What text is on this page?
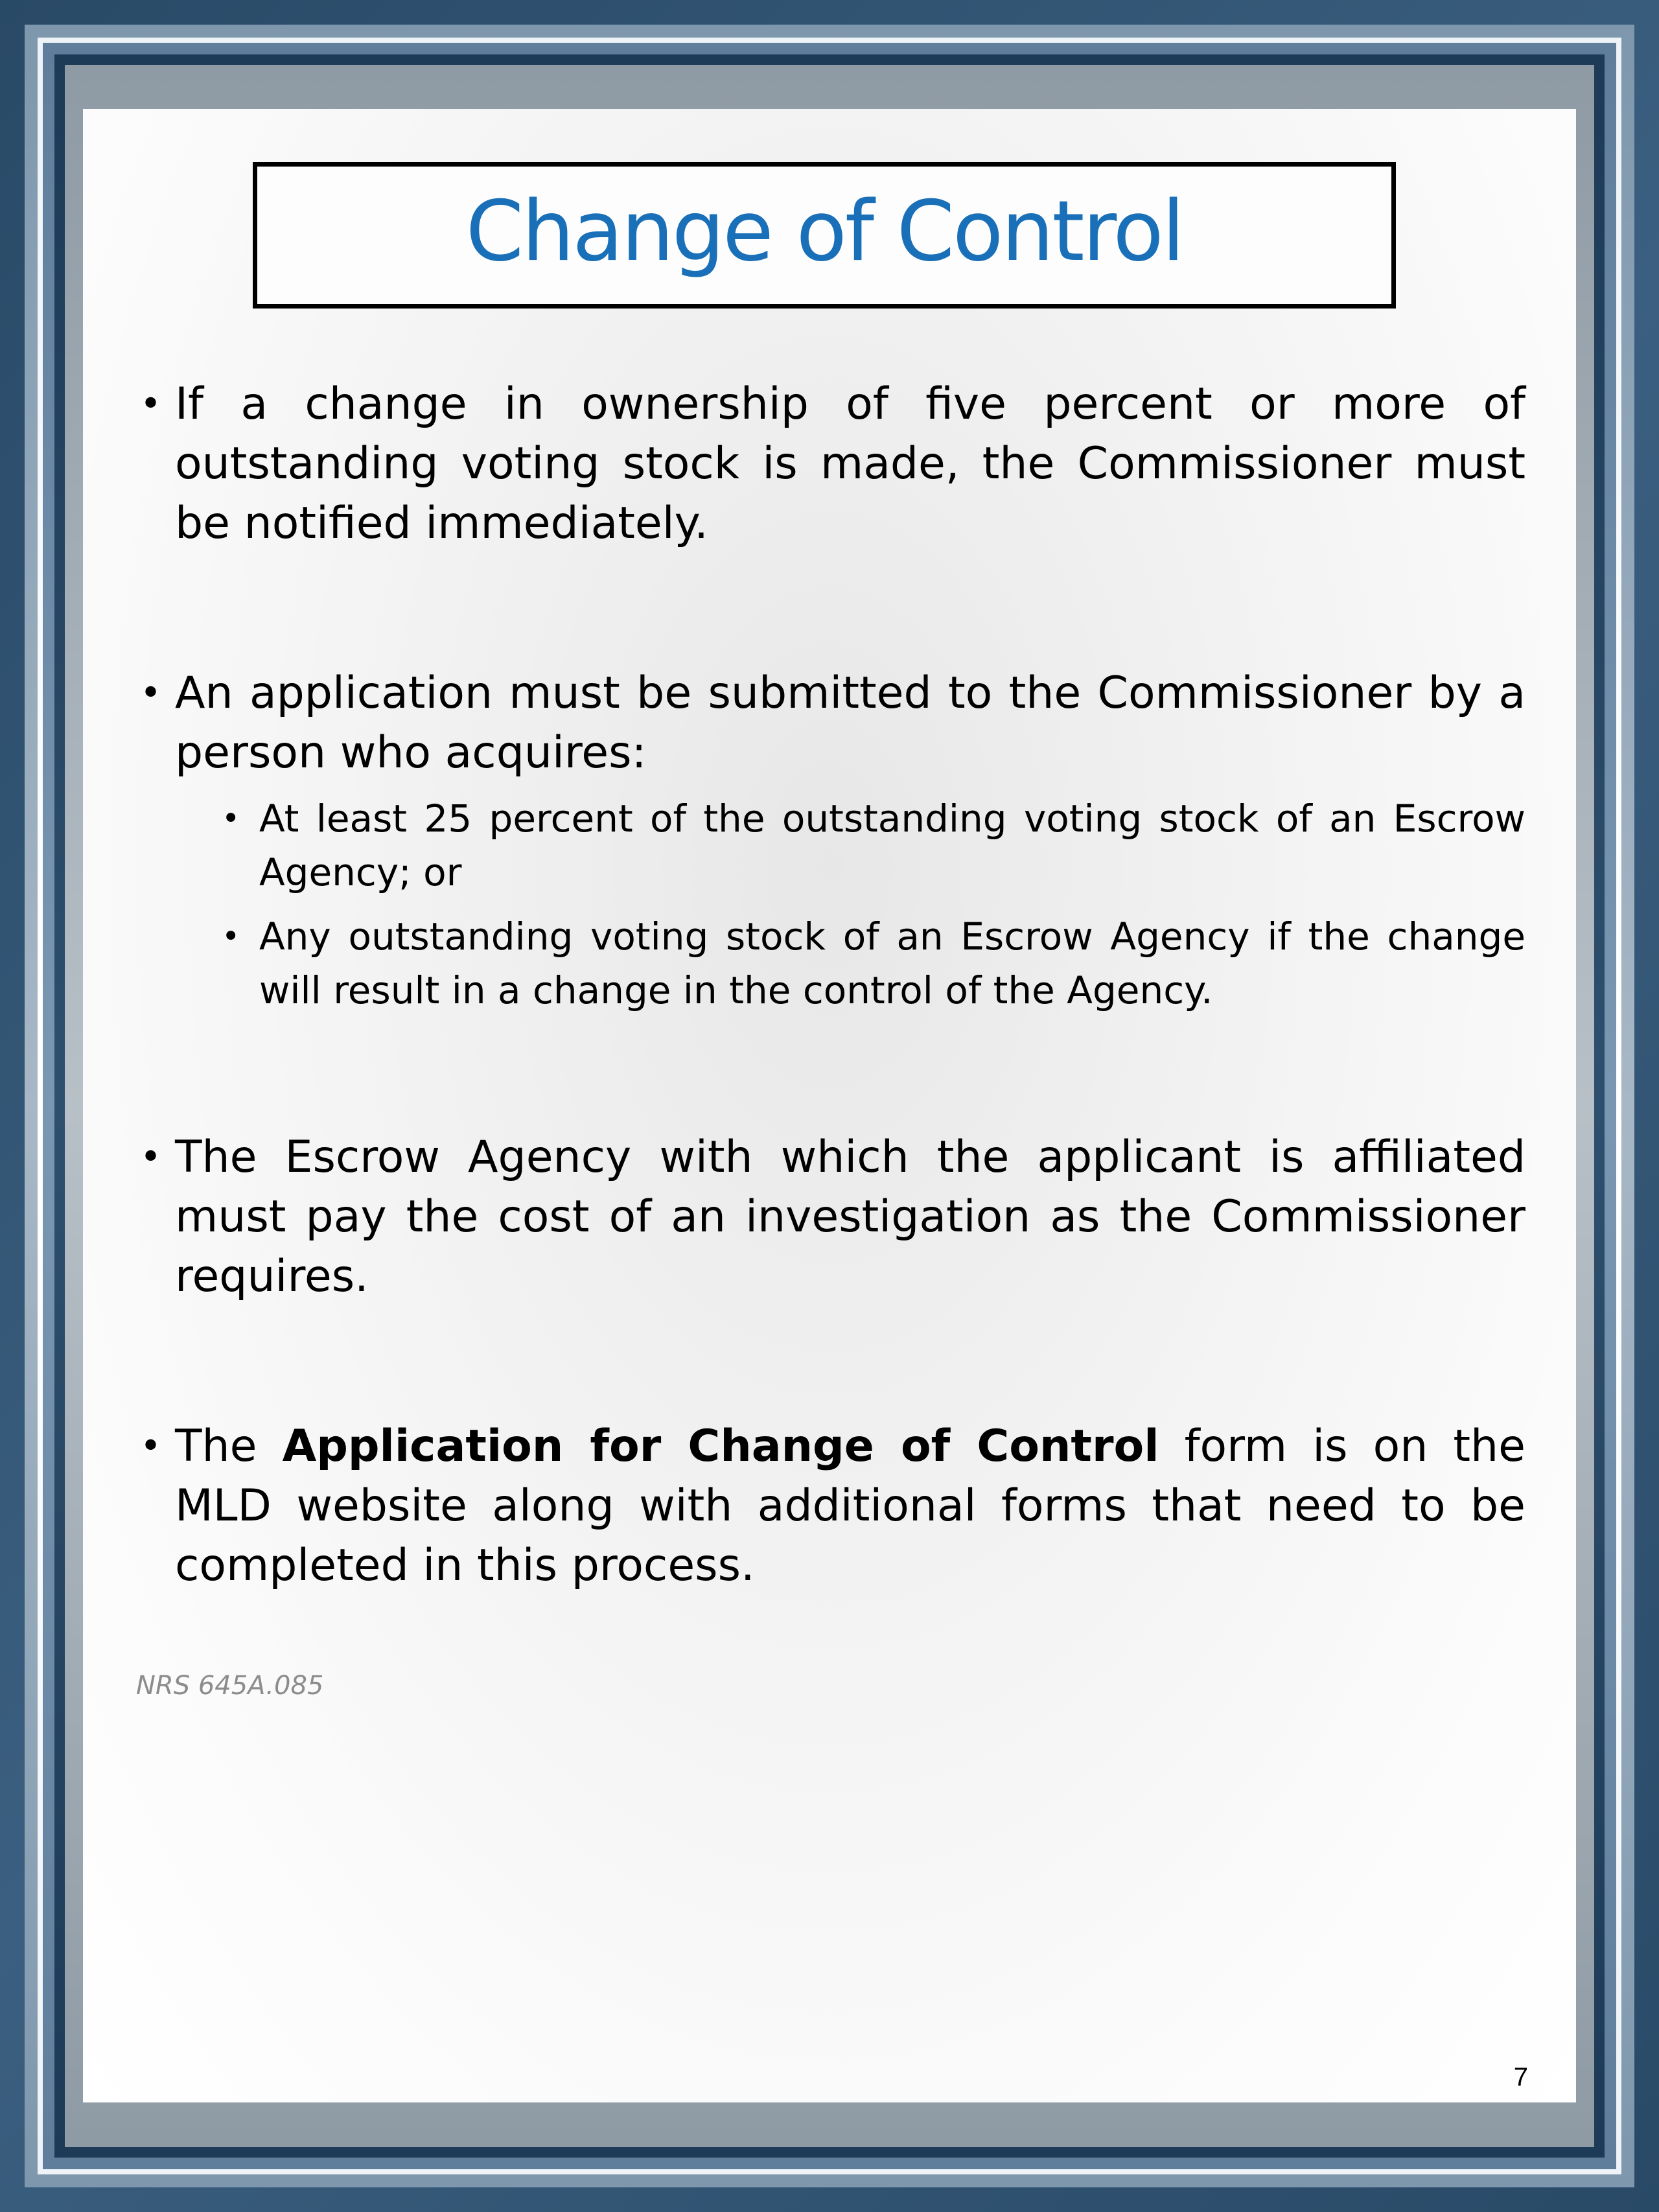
Change of Control
• If a change in ownership of five percent or more of outstanding voting stock is made, the Commissioner must be notified immediately.
• An application must be submitted to the Commissioner by a person who acquires:
• At least 25 percent of the outstanding voting stock of an Escrow Agency; or
• Any outstanding voting stock of an Escrow Agency if the change will result in a change in the control of the Agency.
• The Escrow Agency with which the applicant is affiliated must pay the cost of an investigation as the Commissioner requires.
• The Application for Change of Control form is on the MLD website along with additional forms that need to be completed in this process.
NRS 645A.085
7
